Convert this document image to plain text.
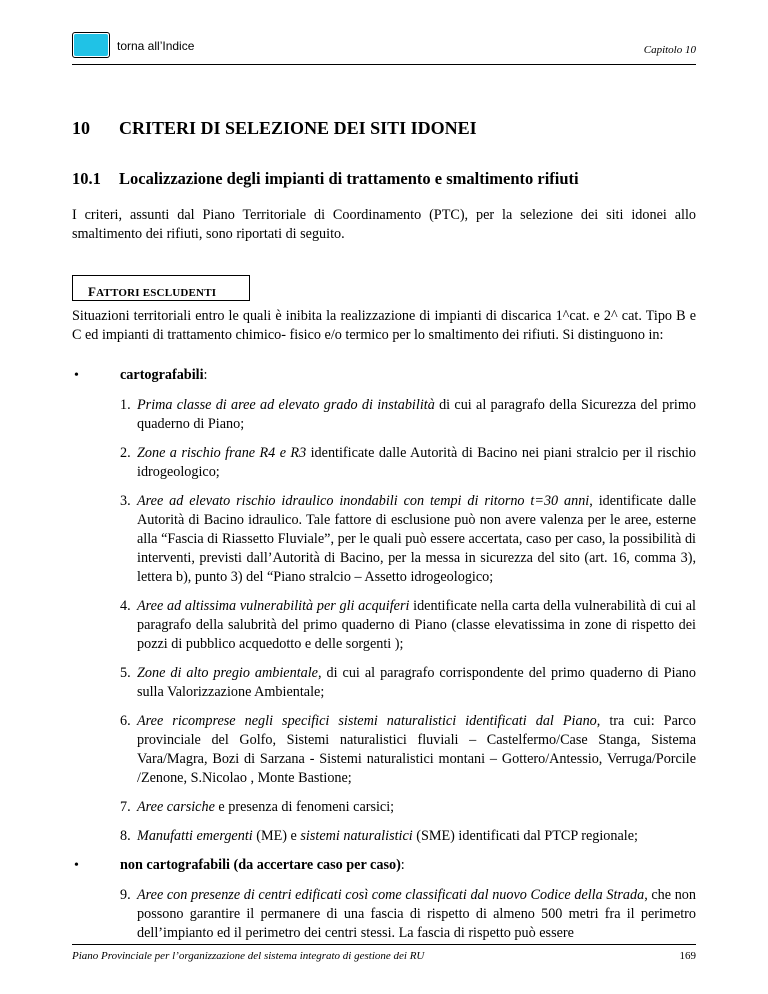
torna all’Indice	Capitolo 10
10 CRITERI DI SELEZIONE DEI SITI IDONEI
10.1 Localizzazione degli impianti di trattamento e smaltimento rifiuti

I criteri, assunti dal Piano Territoriale di Coordinamento (PTC), per la selezione dei siti idonei allo smaltimento dei rifiuti, sono riportati di seguito.

FATTORI ESCLUDENTI

Situazioni territoriali entro le quali è inibita la realizzazione di impianti di discarica 1^cat. e 2^ cat. Tipo B e C ed impianti di trattamento chimico- fisico e/o termico per lo smaltimento dei rifiuti. Si distinguono in:

•	cartografabili:
1. Prima classe di aree ad elevato grado di instabilità di cui al paragrafo della Sicurezza del primo quaderno di Piano;
2. Zone a rischio frane R4 e R3 identificate dalle Autorità di Bacino nei piani stralcio per il rischio idrogeologico;
3. Aree ad elevato rischio idraulico inondabili con tempi di ritorno t=30 anni, identificate dalle Autorità di Bacino idraulico. Tale fattore di esclusione può non avere valenza per le aree, esterne alla “Fascia di Riassetto Fluviale”, per le quali può essere accertata, caso per caso, la possibilità di interventi, previsti dall’Autorità di Bacino, per la messa in sicurezza del sito (art. 16, comma 3), lettera b), punto 3) del “Piano stralcio – Assetto idrogeologico;
4. Aree ad altissima vulnerabilità per gli acquiferi identificate nella carta della vulnerabilità di cui al paragrafo della salubrità del primo quaderno di Piano (classe elevatissima in zone di rispetto dei pozzi di pubblico acquedotto e delle sorgenti );
5. Zone di alto pregio ambientale, di cui al paragrafo corrispondente del primo quaderno di Piano sulla Valorizzazione Ambientale;
6. Aree ricomprese negli specifici sistemi naturalistici identificati dal Piano, tra cui: Parco provinciale del Golfo, Sistemi naturalistici fluviali – Castelfermo/Case Stanga, Sistema Vara/Magra, Bozi di Sarzana - Sistemi naturalistici montani – Gottero/Antessio, Verruga/Porcile /Zenone, S.Nicolao , Monte Bastione;
7. Aree carsiche e presenza di fenomeni carsici;
8. Manufatti emergenti (ME) e sistemi naturalistici (SME) identificati dal PTCP regionale;
•	non cartografabili (da accertare caso per caso):
9. Aree con presenze di centri edificati così come classificati dal nuovo Codice della Strada, che non possono garantire il permanere di una fascia di rispetto di almeno 500 metri fra il perimetro dell’impianto ed il perimetro dei centri stessi. La fascia di rispetto può essere
Piano Provinciale per l’organizzazione del sistema integrato di gestione dei RU	169
